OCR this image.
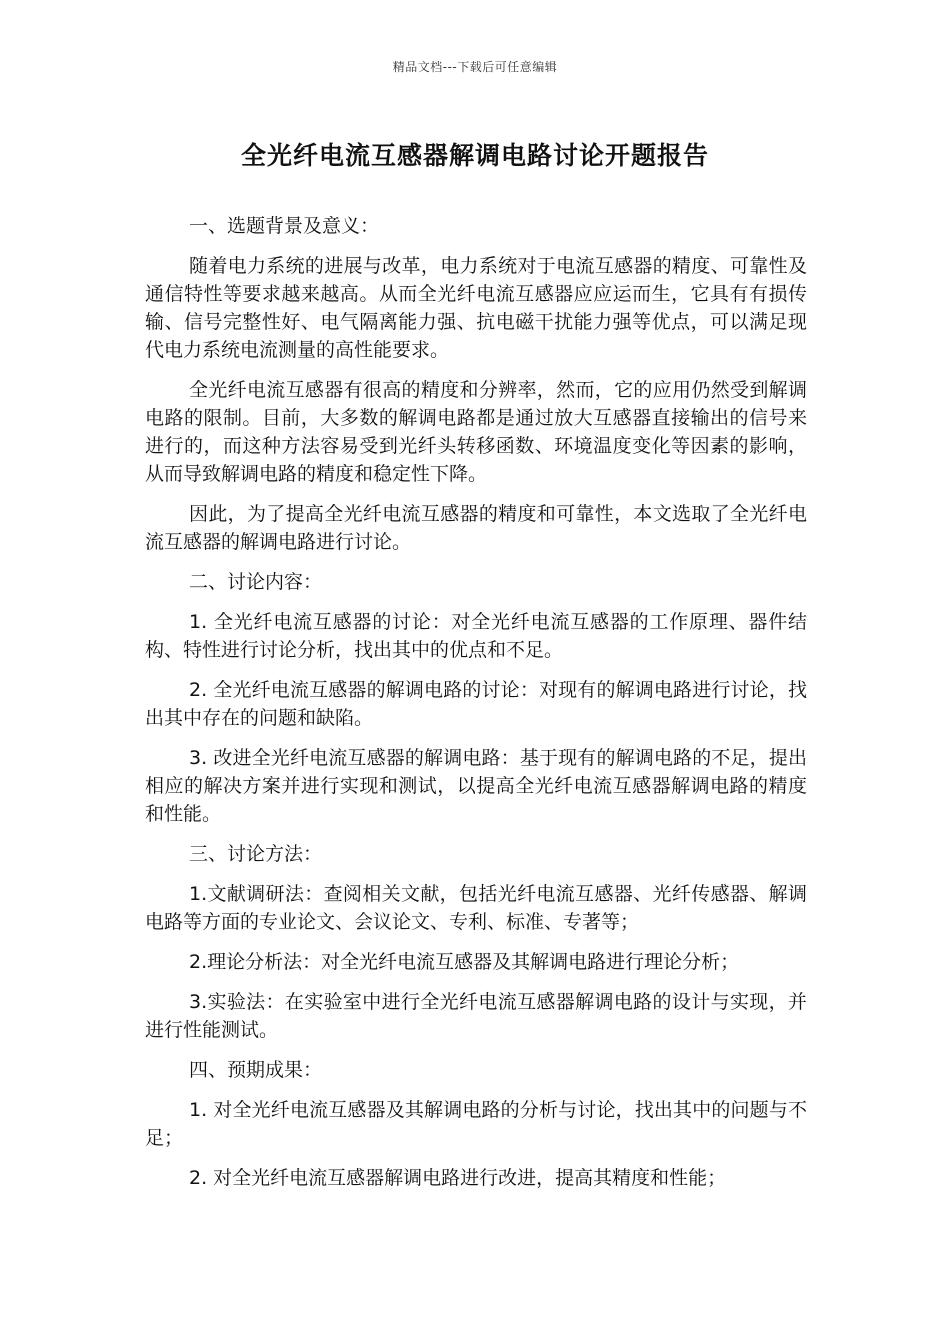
精品文档---下载后可任意编辑
全光纤电流互感器解调电路讨论开题报告

一、选题背景及意义：

随着电力系统的进展与改革，电力系统对于电流互感器的精度、可靠性及通信特性等要求越来越高。从而全光纤电流互感器应应运而生，它具有有损传输、信号完整性好、电气隔离能力强、抗电磁干扰能力强等优点，可以满足现代电力系统电流测量的高性能要求。

全光纤电流互感器有很高的精度和分辨率，然而，它的应用仍然受到解调电路的限制。目前，大多数的解调电路都是通过放大互感器直接输出的信号来进行的，而这种方法容易受到光纤头转移函数、环境温度变化等因素的影响，从而导致解调电路的精度和稳定性下降。

因此，为了提高全光纤电流互感器的精度和可靠性，本文选取了全光纤电流互感器的解调电路进行讨论。

二、讨论内容：

1. 全光纤电流互感器的讨论：对全光纤电流互感器的工作原理、器件结构、特性进行讨论分析，找出其中的优点和不足。

2. 全光纤电流互感器的解调电路的讨论：对现有的解调电路进行讨论，找出其中存在的问题和缺陷。

3. 改进全光纤电流互感器的解调电路：基于现有的解调电路的不足，提出相应的解决方案并进行实现和测试，以提高全光纤电流互感器解调电路的精度和性能。

三、讨论方法：

1.文献调研法：查阅相关文献，包括光纤电流互感器、光纤传感器、解调电路等方面的专业论文、会议论文、专利、标准、专著等；

2.理论分析法：对全光纤电流互感器及其解调电路进行理论分析；

3.实验法：在实验室中进行全光纤电流互感器解调电路的设计与实现，并进行性能测试。

四、预期成果：

1. 对全光纤电流互感器及其解调电路的分析与讨论，找出其中的问题与不足；

2. 对全光纤电流互感器解调电路进行改进，提高其精度和性能；
